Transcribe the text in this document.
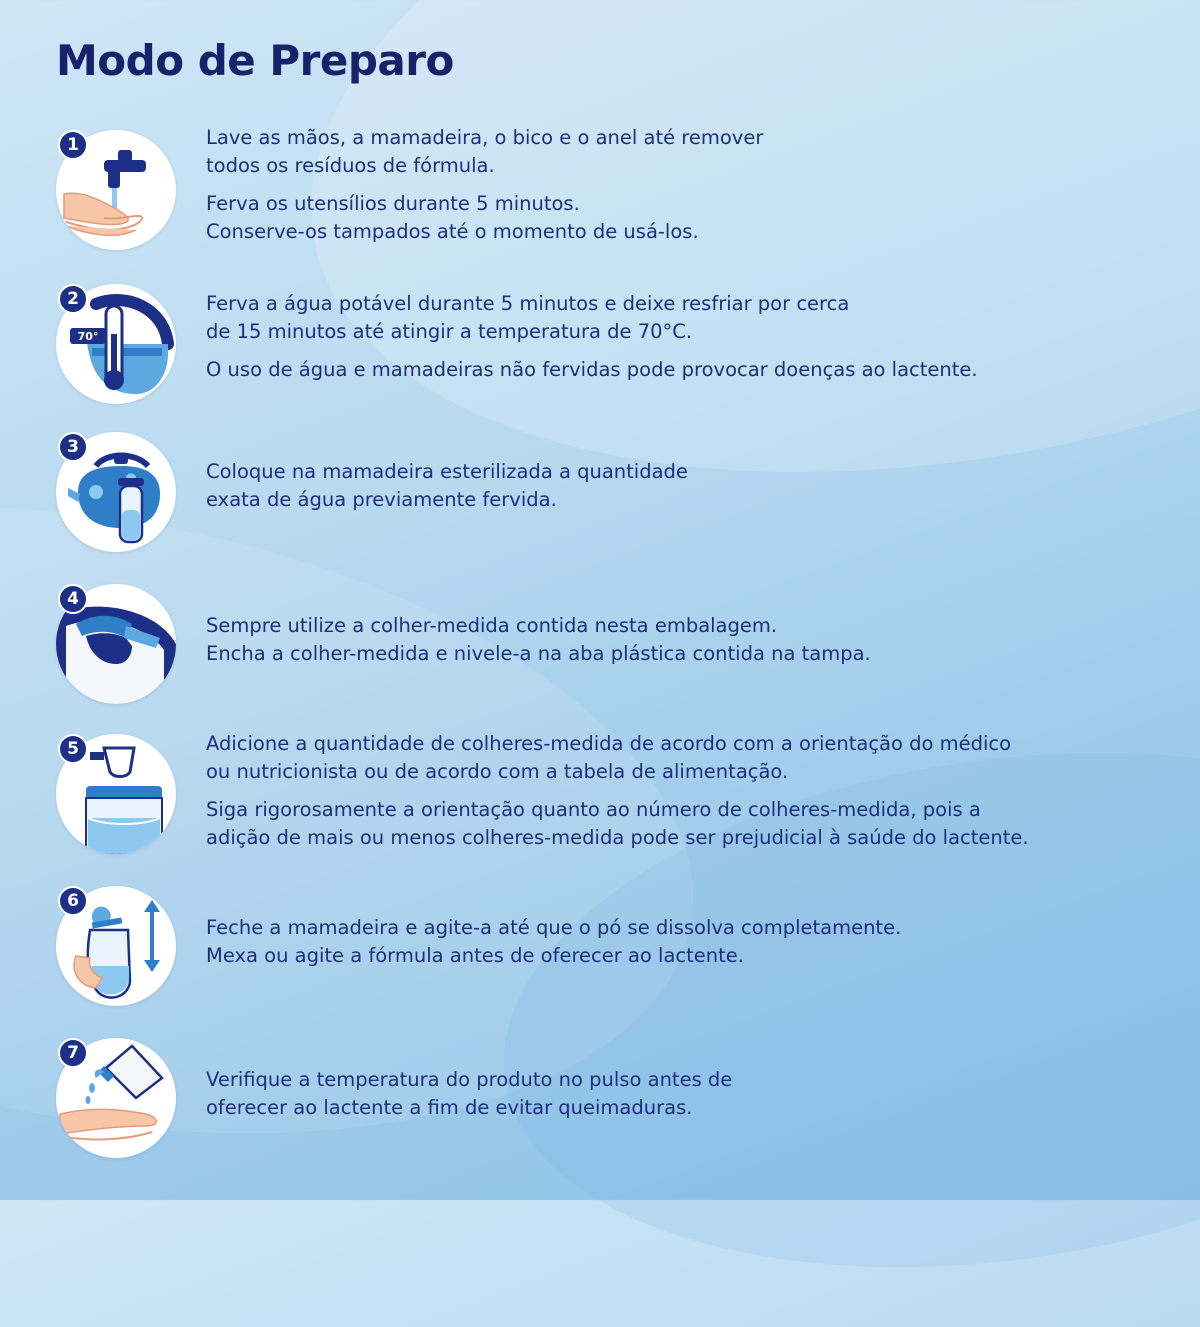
Modo de Preparo
1	Lave as mãos, a mamadeira, o bico e o anel até remover
todos os resíduos de fórmula.

Ferva os utensílios durante 5 minutos.
Conserve-os tampados até o momento de usá-los.

2
70°

Ferva a água potável durante 5 minutos e deixe resfriar por cerca
de 15 minutos até atingir a temperatura de 70°C.

O uso de água e mamadeiras não fervidas pode provocar doenças ao lactente.

3

Coloque na mamadeira esterilizada a quantidade
exata de água previamente fervida.

4

Sempre utilize a colher-medida contida nesta embalagem.
Encha a colher-medida e nivele-a na aba plástica contida na tampa.

5	Adicione a quantidade de colheres-medida de acordo com a orientação do médico
ou nutricionista ou de acordo com a tabela de alimentação.

Siga rigorosamente a orientação quanto ao número de colheres-medida, pois a
adição de mais ou menos colheres-medida pode ser prejudicial à saúde do lactente.

6

Feche a mamadeira e agite-a até que o pó se dissolva completamente.
Mexa ou agite a fórmula antes de oferecer ao lactente.

7

Verifique a temperatura do produto no pulso antes de
oferecer ao lactente a fim de evitar queimaduras.
